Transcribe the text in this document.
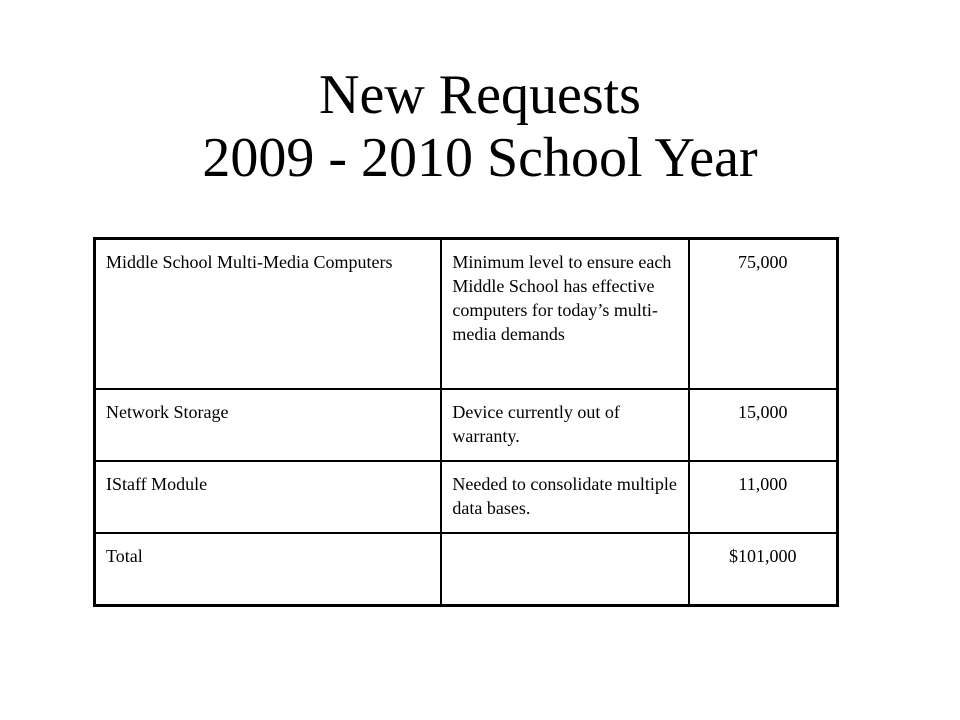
New Requests
2009 - 2010 School Year
Middle School Multi-Media Computers	Minimum level to ensure each Middle School has effective computers for today’s multi-media demands	75,000
Network Storage	Device currently out of warranty.	15,000
IStaff Module	Needed to consolidate multiple data bases.	11,000
Total		$101,000
